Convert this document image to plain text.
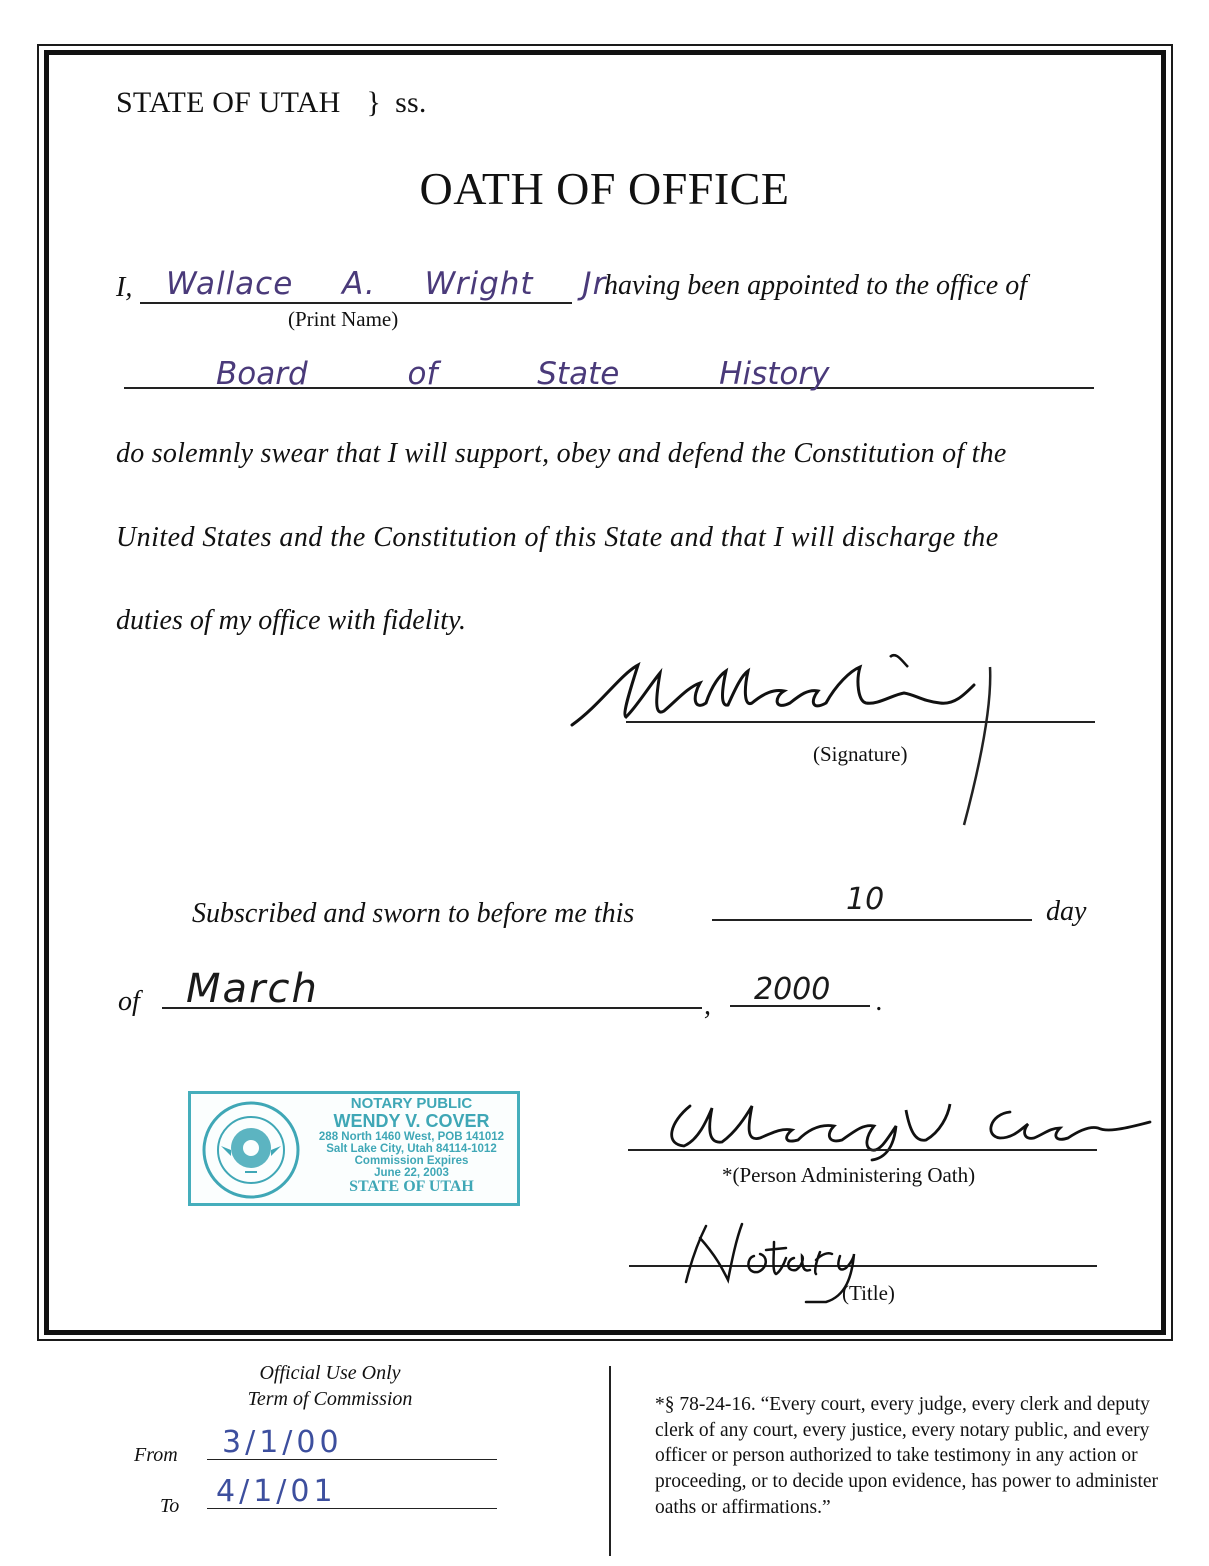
STATE OF UTAH } ss.
OATH OF OFFICE
I, Wallace A. Wright Jr.
(Print Name)
having been appointed to the office of
Board of State History
do solemnly swear that I will support, obey and defend the Constitution of the
United States and the Constitution of this State and that I will discharge the
duties of my office with fidelity.
(Signature)
Subscribed and sworn to before me this	10	day
of March	, 2000 .
NOTARY PUBLIC
WENDY V. COVER
288 North 1460 West, POB 141012
Salt Lake City, Utah 84114-1012
Commission Expires
June 22, 2003
STATE OF UTAH	*(Person Administering Oath)
(Title)
Official Use Only
Term of Commission
From 3/1/00
To 4/1/01
*§ 78-24-16. “Every court, every judge, every clerk and deputy clerk of any court, every justice, every notary public, and every officer or person authorized to take testimony in any action or proceeding, or to decide upon evidence, has power to administer oaths or affirmations.”
